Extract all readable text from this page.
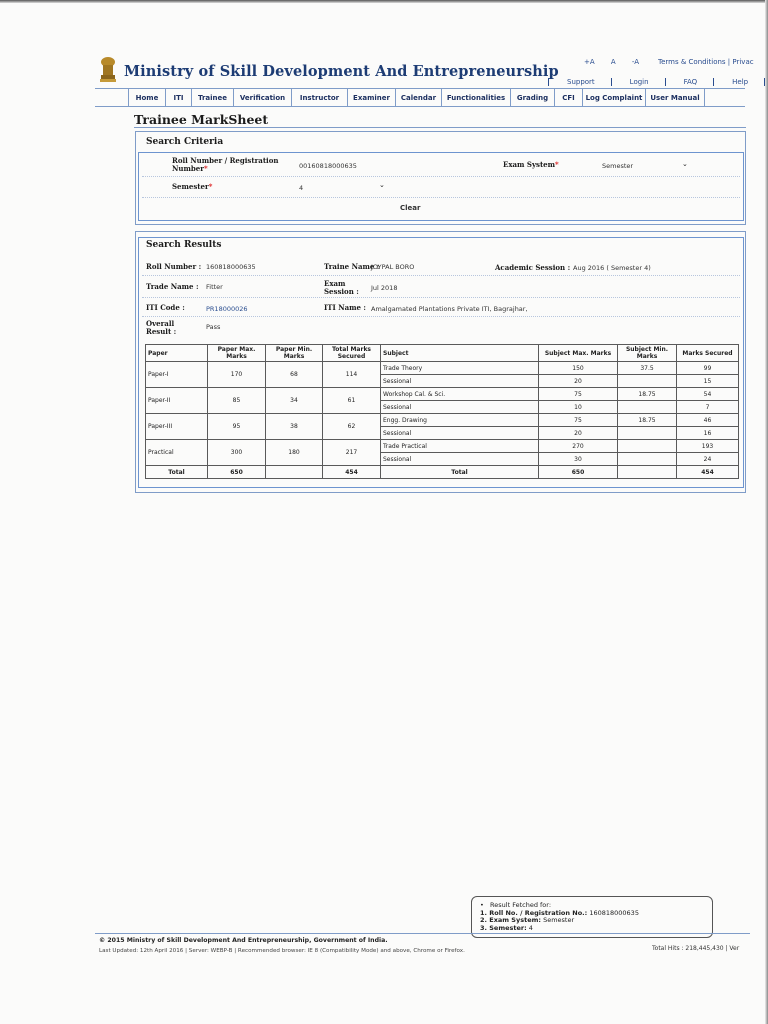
Ministry of Skill Development And Entrepreneurship
+A A -A	Terms & Conditions | Privac
Support	Login	FAQ	Help
Home	ITI	Trainee	Verification	Instructor	Examiner	Calendar	Functionalities	Grading	CFI	Log Complaint	User Manual
Trainee MarkSheet
Search Criteria
Roll Number / Registration Number*	00160818000635	Exam System*	Semester	⌄
Semester*	4	⌄
Clear
Search Results
Roll Number : 160818000635	Traine Name :
JOYPAL BORO	Academic Session : Aug 2016 ( Semester 4)
Trade Name : Fitter	Exam Session :	Jul 2018
ITI Code :	PR18000026	ITI Name : Amalgamated Plantations Private ITI, Bagrajhar,
Overall Result :	Pass
Paper	Paper Max. Marks	Paper Min. Marks	Total Marks Secured	Subject	Subject Max. Marks	Subject Min. Marks	Marks Secured
Paper-I	170	68	114	Trade Theory	150	37.5	99
				Sessional	20		15
Paper-II	85	34	61	Workshop Cal. & Sci.	75	18.75	54
				Sessional	10		7
Paper-III	95	38	62	Engg. Drawing	75	18.75	46
				Sessional	20		16
Practical	300	180	217	Trade Practical	270		193
				Sessional	30		24
Total	650		454	Total	650		454
•   Result Fetched for:
1. Roll No. / Registration No.: 160818000635
2. Exam System: Semester
3. Semester: 4
© 2015 Ministry of Skill Development And Entrepreneurship, Government of India.
Last Updated: 12th April 2016 | Server: WEBP-B | Recommended browser: IE 8 (Compatibility Mode) and above, Chrome or Firefox.	Total Hits : 218,445,430 | Ver
